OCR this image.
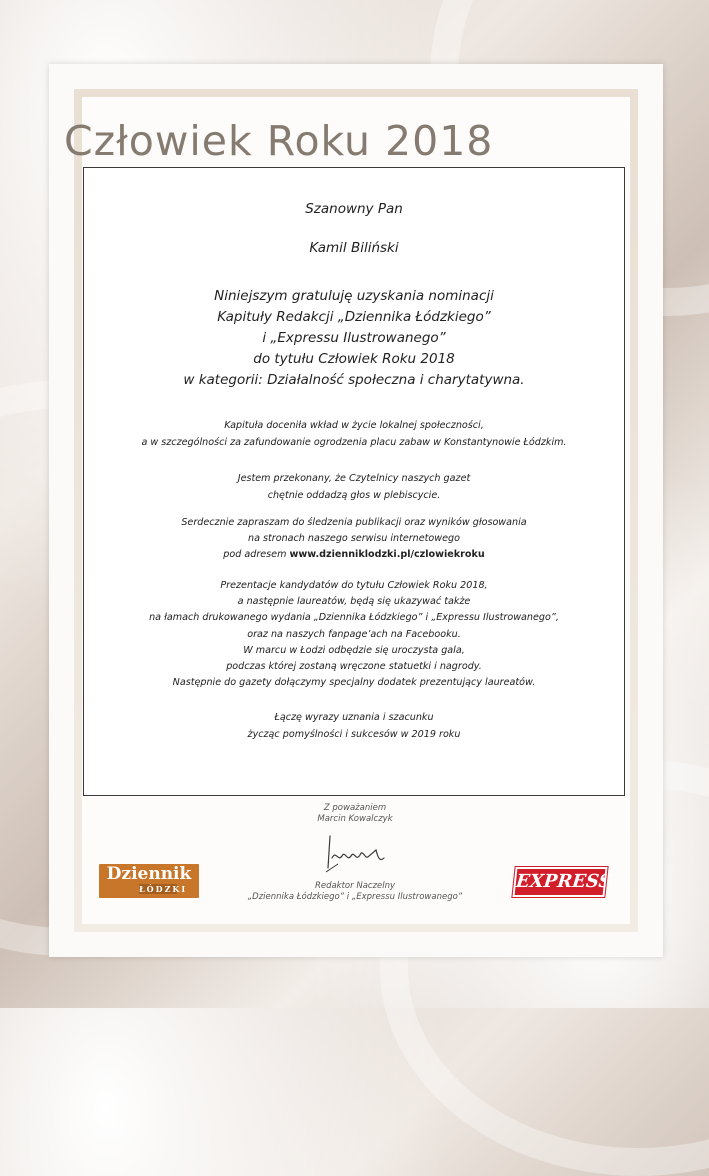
Człowiek Roku 2018
Szanowny Pan
Kamil Biliński
Niniejszym gratuluję uzyskania nominacji
Kapituły Redakcji „Dziennika Łódzkiego”
i „Expressu Ilustrowanego”
do tytułu Człowiek Roku 2018
w kategorii: Działalność społeczna i charytatywna.
Kapituła doceniła wkład w życie lokalnej społeczności,
a w szczególności za zafundowanie ogrodzenia placu zabaw w Konstantynowie Łódzkim.
Jestem przekonany, że Czytelnicy naszych gazet
chętnie oddadzą głos w plebiscycie.
Serdecznie zapraszam do śledzenia publikacji oraz wyników głosowania
na stronach naszego serwisu internetowego
pod adresem www.dzienniklodzki.pl/czlowiekroku
Prezentacje kandydatów do tytułu Człowiek Roku 2018,
a następnie laureatów, będą się ukazywać także
na łamach drukowanego wydania „Dziennika Łódzkiego” i „Expressu Ilustrowanego”,
oraz na naszych fanpage’ach na Facebooku.
W marcu w Łodzi odbędzie się uroczysta gala,
podczas której zostaną wręczone statuetki i nagrody.
Następnie do gazety dołączymy specjalny dodatek prezentujący laureatów.
Łączę wyrazy uznania i szacunku
życząc pomyślności i sukcesów w 2019 roku
Z poważaniem
Marcin Kowalczyk
Redaktor Naczelny
„Dziennika Łódzkiego” i „Expressu Ilustrowanego”
Dziennik
ŁÓDZKI	EXPRESS
